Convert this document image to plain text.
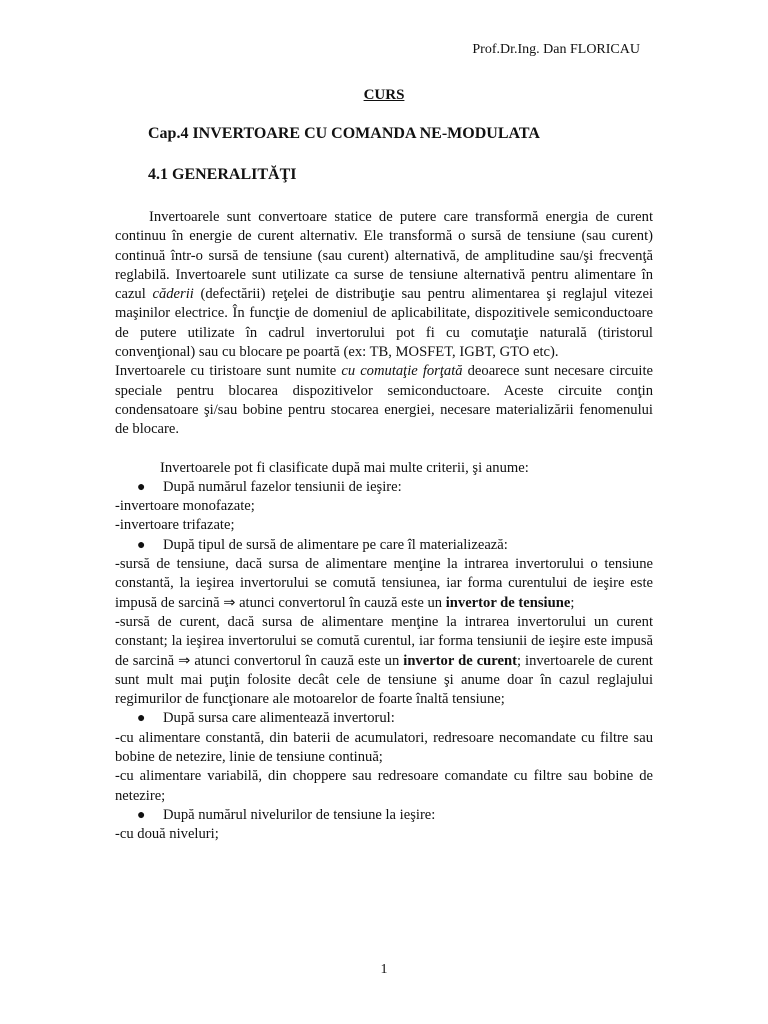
Prof.Dr.Ing. Dan FLORICAU
CURS
Cap.4 INVERTOARE CU COMANDA NE-MODULATA
4.1 GENERALITĂŢI

Invertoarele sunt convertoare statice de putere care transformă energia de curent continuu în energie de curent alternativ. Ele transformă o sursă de tensiune (sau curent) continuă într-o sursă de tensiune (sau curent) alternativă, de amplitudine sau/şi frecvenţă reglabilă. Invertoarele sunt utilizate ca surse de tensiune alternativă pentru alimentare în cazul căderii (defectării) reţelei de distribuţie sau pentru alimentarea şi reglajul vitezei maşinilor electrice. În funcţie de domeniul de aplicabilitate, dispozitivele semiconductoare de putere utilizate în cadrul invertorului pot fi cu comutaţie naturală (tiristorul convenţional) sau cu blocare pe poartă (ex: TB, MOSFET, IGBT, GTO etc).

Invertoarele cu tiristoare sunt numite cu comutaţie forţată deoarece sunt necesare circuite speciale pentru blocarea dispozitivelor semiconductoare. Aceste circuite conţin condensatoare şi/sau bobine pentru stocarea energiei, necesare materializării fenomenului de blocare.

Invertoarele pot fi clasificate după mai multe criterii, şi anume:

● După numărul fazelor tensiunii de ieşire:

-invertoare monofazate;

-invertoare trifazate;

● După tipul de sursă de alimentare pe care îl materializează:

-sursă de tensiune, dacă sursa de alimentare menţine la intrarea invertorului o tensiune constantă, la ieşirea invertorului se comută tensiunea, iar forma curentului de ieşire este impusă de sarcină ⇒ atunci convertorul în cauză este un invertor de tensiune;

-sursă de curent, dacă sursa de alimentare menţine la intrarea invertorului un curent constant; la ieşirea invertorului se comută curentul, iar forma tensiunii de ieşire este impusă de sarcină ⇒ atunci convertorul în cauză este un invertor de curent; invertoarele de curent sunt mult mai puţin folosite decât cele de tensiune şi anume doar în cazul reglajului regimurilor de funcţionare ale motoarelor de foarte înaltă tensiune;

● După sursa care alimentează invertorul:

-cu alimentare constantă, din baterii de acumulatori, redresoare necomandate cu filtre sau bobine de netezire, linie de tensiune continuă;

-cu alimentare variabilă, din choppere sau redresoare comandate cu filtre sau bobine de netezire;

● După numărul nivelurilor de tensiune la ieşire:

-cu două niveluri;

1
